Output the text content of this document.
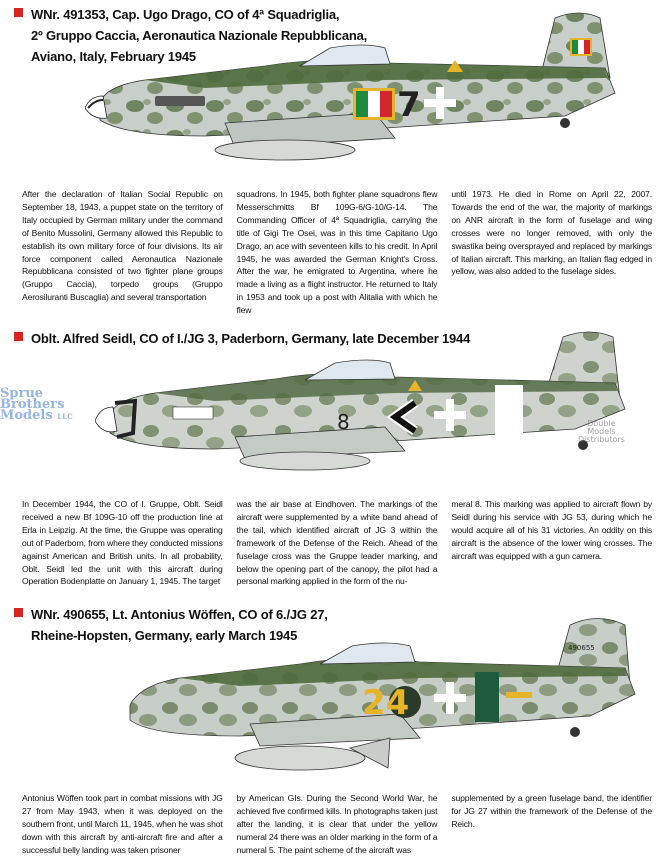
WNr. 491353, Cap. Ugo Drago, CO of 4ª Squadriglia,
2º Gruppo Caccia, Aeronautica Nazionale Repubblicana,
Aviano, Italy, February 1945
7

After the declaration of Italian Social Republic on September 18, 1943, a puppet state on the territory of Italy occupied by German military under the command of Benito Mussolini, Germany allowed this Republic to establish its own military force of four divisions. Its air force component called Aeronautica Nazionale Repubblicana consisted of two fighter plane groups (Gruppo Caccia), torpedo groups (Gruppo Aerosiluranti Buscaglia) and several transportation

squadrons. In 1945, both fighter plane squadrons flew Messerschmitts Bf 109G-6/G-10/G-14. The Commanding Officer of 4ª Squadriglia, carrying the title of Gigi Tre Osei, was in this time Capitano Ugo Drago, an ace with seventeen kills to his credit. In April 1945, he was awarded the German Knight's Cross. After the war, he emigrated to Argentina, where he made a living as a flight instructor. He returned to Italy in 1953 and took up a post with Alitalia with which he flew

until 1973. He died in Rome on April 22, 2007. Towards the end of the war, the majority of markings on ANR aircraft in the form of fuselage and wing crosses were no longer removed, with only the swastika being oversprayed and replaced by markings of Italian aircraft. This marking, an Italian flag edged in yellow, was also added to the fuselage sides.

Oblt. Alfred Seidl, CO of I./JG 3, Paderborn, Germany, late December 1944
8
Sprue
Brothers
Models LLC
Double
Models
Distributors

In December 1944, the CO of I. Gruppe, Oblt. Seidl received a new Bf 109G-10 off the production line at Erla in Leipzig. At the time, the Gruppe was operating out of Paderborn, from where they conducted missions against American and British units. In all probability, Oblt. Seidl led the unit with this aircraft during Operation Bodenplatte on January 1, 1945. The target

was the air base at Eindhoven. The markings of the aircraft were supplemented by a white band ahead of the tail, which identified aircraft of JG 3 within the framework of the Defense of the Reich. Ahead of the fuselage cross was the Gruppe leader marking, and below the opening part of the canopy, the pilot had a personal marking applied in the form of the nu-

meral 8. This marking was applied to aircraft flown by Seidl during his service with JG 53, during which he would acquire all of his 31 victories. An oddity on this aircraft is the absence of the lower wing crosses. The aircraft was equipped with a gun camera.

WNr. 490655, Lt. Antonius Wöffen, CO of 6./JG 27,
Rheine-Hopsten, Germany, early March 1945
24
490655

Antonius Wöffen took part in combat missions with JG 27 from May 1943, when it was deployed on the southern front, until March 11, 1945, when he was shot down with this aircraft by anti-aircraft fire and after a successful belly landing was taken prisoner

by American GIs. During the Second World War, he achieved five confirmed kills. In photographs taken just after the landing, it is clear that under the yellow numeral 24 there was an older marking in the form of a numeral 5. The paint scheme of the aircraft was

supplemented by a green fuselage band, the identifier for JG 27 within the framework of the Defense of the Reich.
